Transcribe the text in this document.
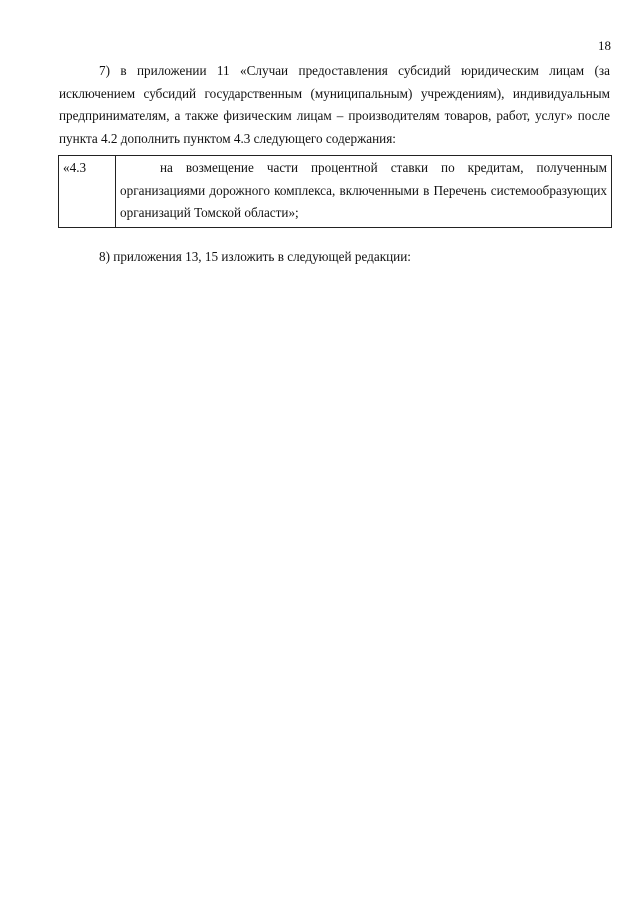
18

7) в приложении 11 «Случаи предоставления субсидий юридическим лицам (за исключением субсидий государственным (муниципальным) учреждениям), индивидуальным предпринимателям, а также физическим лицам – производителям товаров, работ, услуг» после пункта 4.2 дополнить пунктом 4.3 следующего содержания:

«4.3	на возмещение части процентной ставки по кредитам, полученным организациями дорожного комплекса, включенными в Перечень системообразующих организаций Томской области»;

8) приложения 13, 15 изложить в следующей редакции:
